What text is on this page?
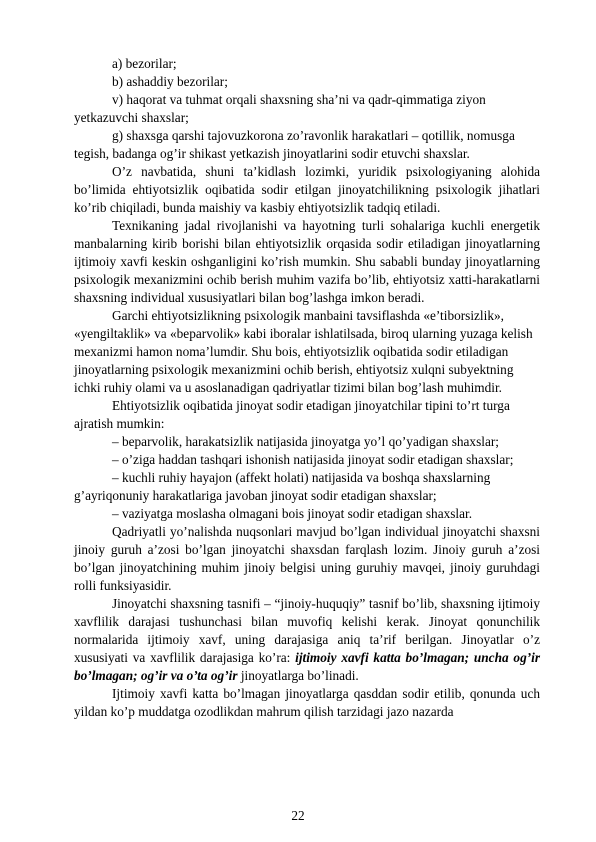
a) bezorilar;

b) ashaddiy bezorilar;

v) haqorat va tuhmat orqali shaxsning sha’ni va qadr-qimmatiga ziyon yetkazuvchi shaxslar;

g) shaxsga qarshi tajovuzkorona zo’ravonlik harakatlari – qotillik, nomusga tegish, badanga og’ir shikast yetkazish jinoyatlarini sodir etuvchi shaxslar.

O’z navbatida, shuni ta’kidlash lozimki, yuridik psixologiyaning alohida bo’limida ehtiyotsizlik oqibatida sodir etilgan jinoyatchilikning psixologik jihatlari ko’rib chiqiladi, bunda maishiy va kasbiy ehtiyotsizlik tadqiq etiladi.

Texnikaning jadal rivojlanishi va hayotning turli sohalariga kuchli energetik manbalarning kirib borishi bilan ehtiyotsizlik orqasida sodir etiladigan jinoyatlarning ijtimoiy xavfi keskin oshganligini ko’rish mumkin. Shu sababli bunday jinoyatlarning psixologik mexanizmini ochib berish muhim vazifa bo’lib, ehtiyotsiz xatti-harakatlarni shaxsning individual xususiyatlari bilan bog’lashga imkon beradi.

Garchi ehtiyotsizlikning psixologik manbaini tavsiflashda «e’tiborsizlik», «yengiltaklik» va «beparvolik» kabi iboralar ishlatilsada, biroq ularning yuzaga kelish mexanizmi hamon noma’lumdir. Shu bois, ehtiyotsizlik oqibatida sodir etiladigan jinoyatlarning psixologik mexanizmini ochib berish, ehtiyotsiz xulqni subyektning ichki ruhiy olami va u asoslanadigan qadriyatlar tizimi bilan bog’lash muhimdir.

Ehtiyotsizlik oqibatida jinoyat sodir etadigan jinoyatchilar tipini to’rt turga ajratish mumkin:

– beparvolik, harakatsizlik natijasida jinoyatga yo’l qo’yadigan shaxslar;

– o’ziga haddan tashqari ishonish natijasida jinoyat sodir etadigan shaxslar;

– kuchli ruhiy hayajon (affekt holati) natijasida va boshqa shaxslarning g’ayriqonuniy harakatlariga javoban jinoyat sodir etadigan shaxslar;

– vaziyatga moslasha olmagani bois jinoyat sodir etadigan shaxslar.

Qadriyatli yo’nalishda nuqsonlari mavjud bo’lgan individual jinoyatchi shaxsni jinoiy guruh a’zosi bo’lgan jinoyatchi shaxsdan farqlash lozim. Jinoiy guruh a’zosi bo’lgan jinoyatchining muhim jinoiy belgisi uning guruhiy mavqei, jinoiy guruhdagi rolli funksiyasidir.

Jinoyatchi shaxsning tasnifi – “jinoiy-huquqiy” tasnif bo’lib, shaxsning ijtimoiy xavflilik darajasi tushunchasi bilan muvofiq kelishi kerak. Jinoyat qonunchilik normalarida ijtimoiy xavf, uning darajasiga aniq ta’rif berilgan. Jinoyatlar o’z xususiyati va xavflilik darajasiga ko’ra: ijtimoiy xavfi katta bo’lmagan; uncha og’ir bo’lmagan; og’ir va o’ta og’ir jinoyatlarga bo’linadi.

Ijtimoiy xavfi katta bo’lmagan jinoyatlarga qasddan sodir etilib, qonunda uch yildan ko’p muddatga ozodlikdan mahrum qilish tarzidagi jazo nazarda

22
